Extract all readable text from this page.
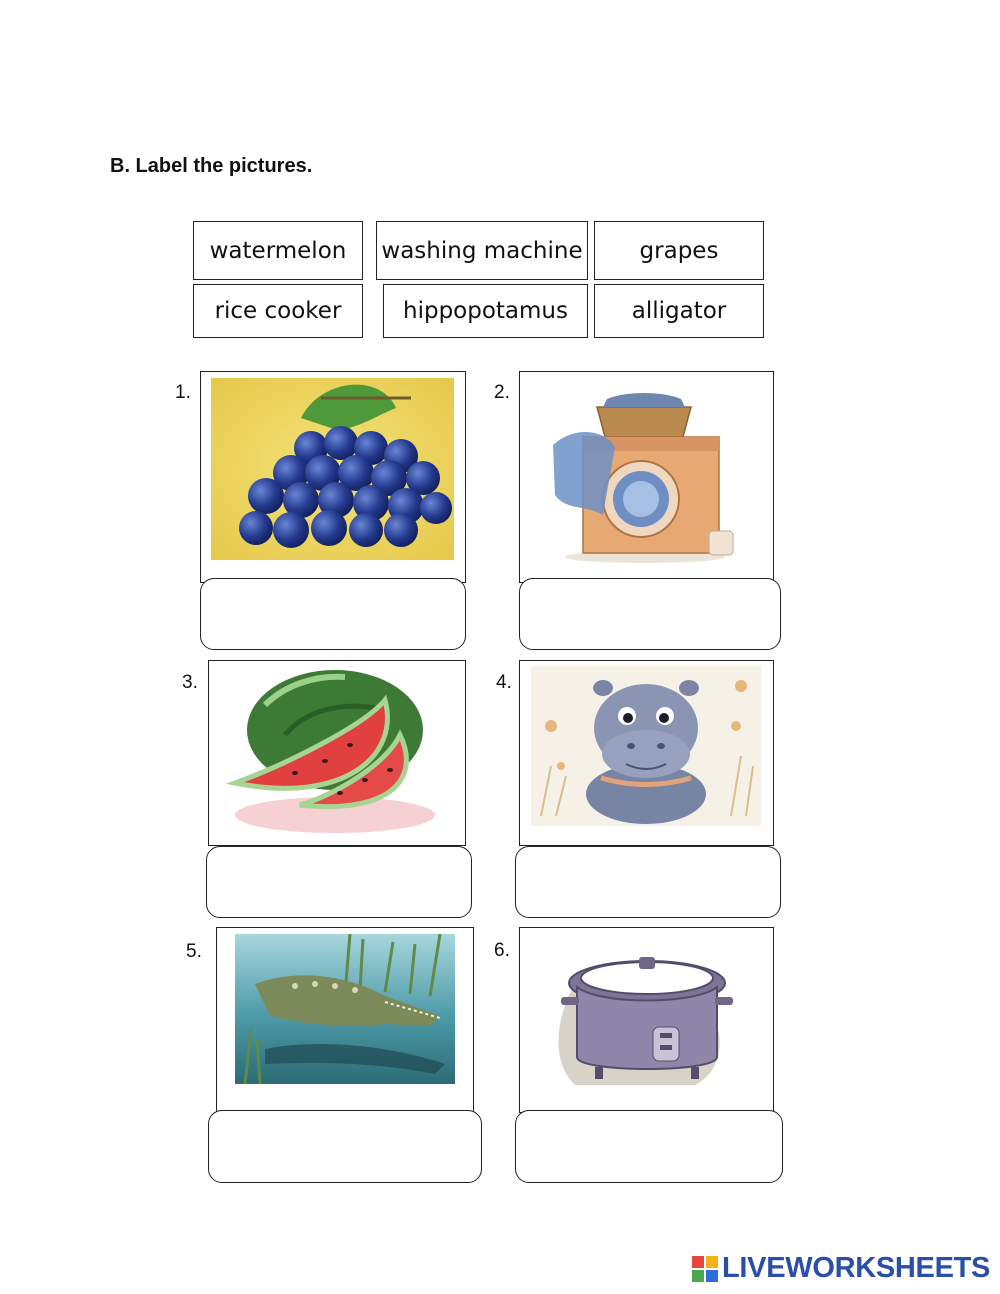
B. Label the pictures.
watermelon	washing machine	grapes
rice cooker	hippopotamus	alligator
1.	2.
3.	4.
5.	6.
LIVEWORKSHEETS
